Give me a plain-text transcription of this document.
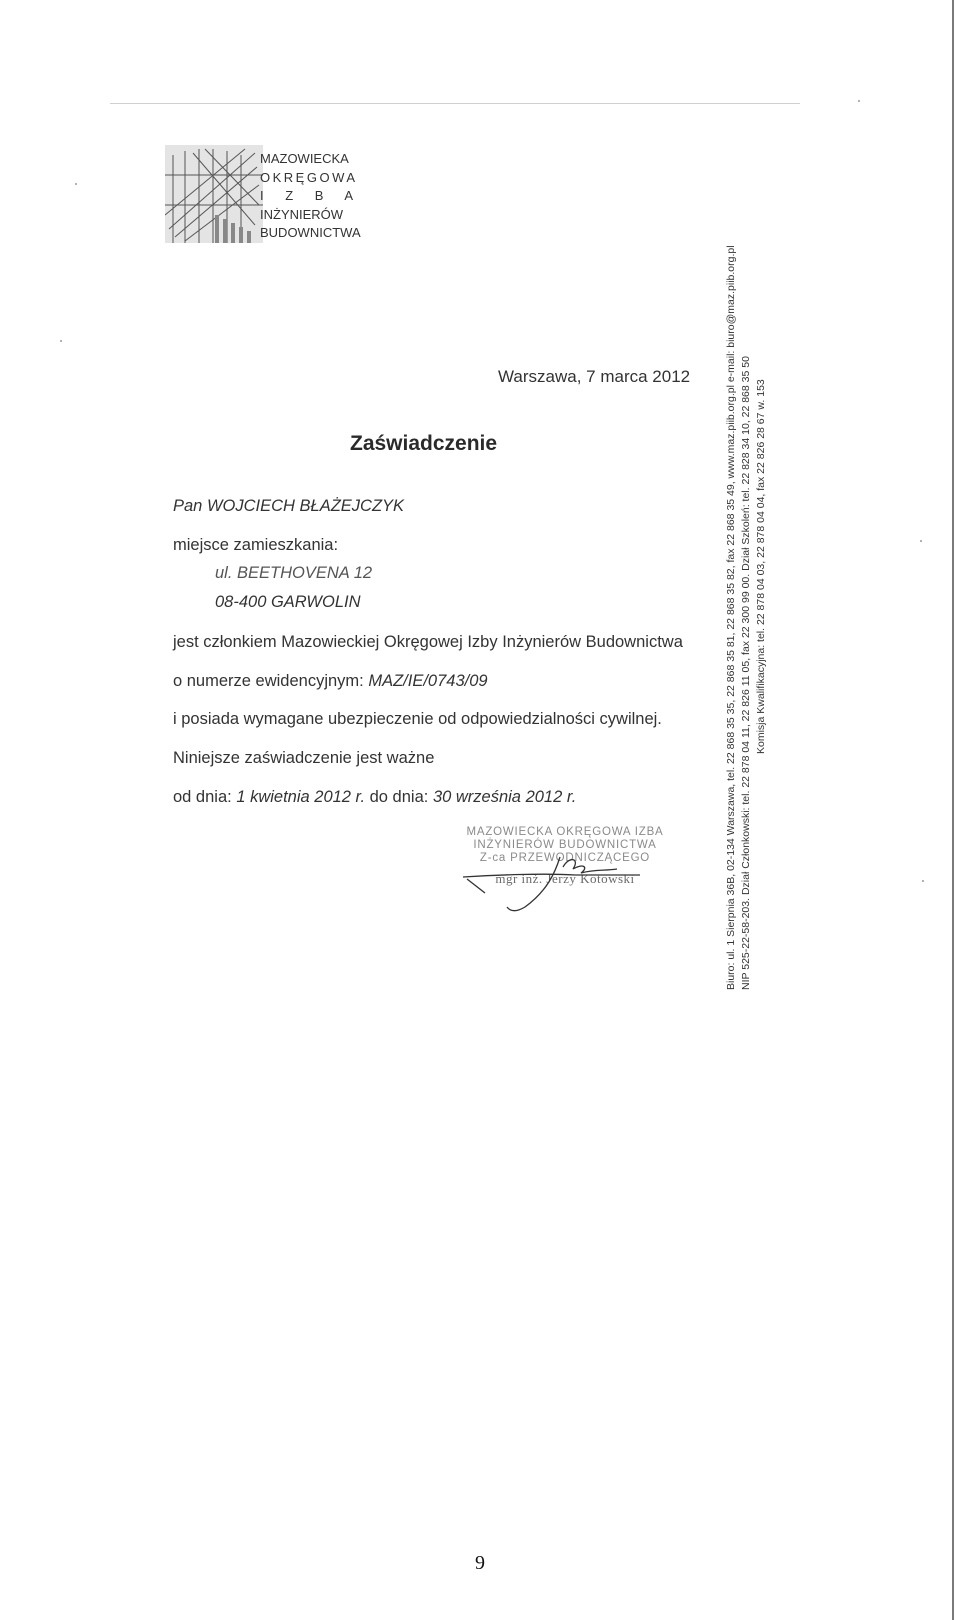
MAZOWIECKA
OKRĘGOWA
I Z B A
INŻYNIERÓW
BUDOWNICTWA
Warszawa, 7 marca 2012
Zaświadczenie
Pan WOJCIECH BŁAŻEJCZYK
miejsce zamieszkania:
ul. BEETHOVENA 12
08-400 GARWOLIN
jest członkiem Mazowieckiej Okręgowej Izby Inżynierów Budownictwa
o numerze ewidencyjnym: MAZ/IE/0743/09
i posiada wymagane ubezpieczenie od odpowiedzialności cywilnej.
Niniejsze zaświadczenie jest ważne
od dnia: 1 kwietnia 2012 r. do dnia: 30 września 2012 r.
MAZOWIECKA OKRĘGOWA IZBA
INŻYNIERÓW BUDOWNICTWA
Z-ca PRZEWODNICZĄCEGO
mgr inż. Jerzy Kotowski	Biuro: ul. 1 Sierpnia 36B, 02-134 Warszawa, tel. 22 868 35 35, 22 868 35 81, 22 868 35 82, fax 22 868 35 49, www.maz.piib.org.pl e-mail: biuro@maz.piib.org.pl NIP 525-22-58-203. Dział Członkowski: tel. 22 878 04 11, 22 826 11 05, fax 22 300 99 00. Dział Szkoleń: tel. 22 828 34 10, 22 868 35 50 Komisja Kwalifikacyjna: tel. 22 878 04 03, 22 878 04 04, fax 22 826 28 67 w. 153
9
